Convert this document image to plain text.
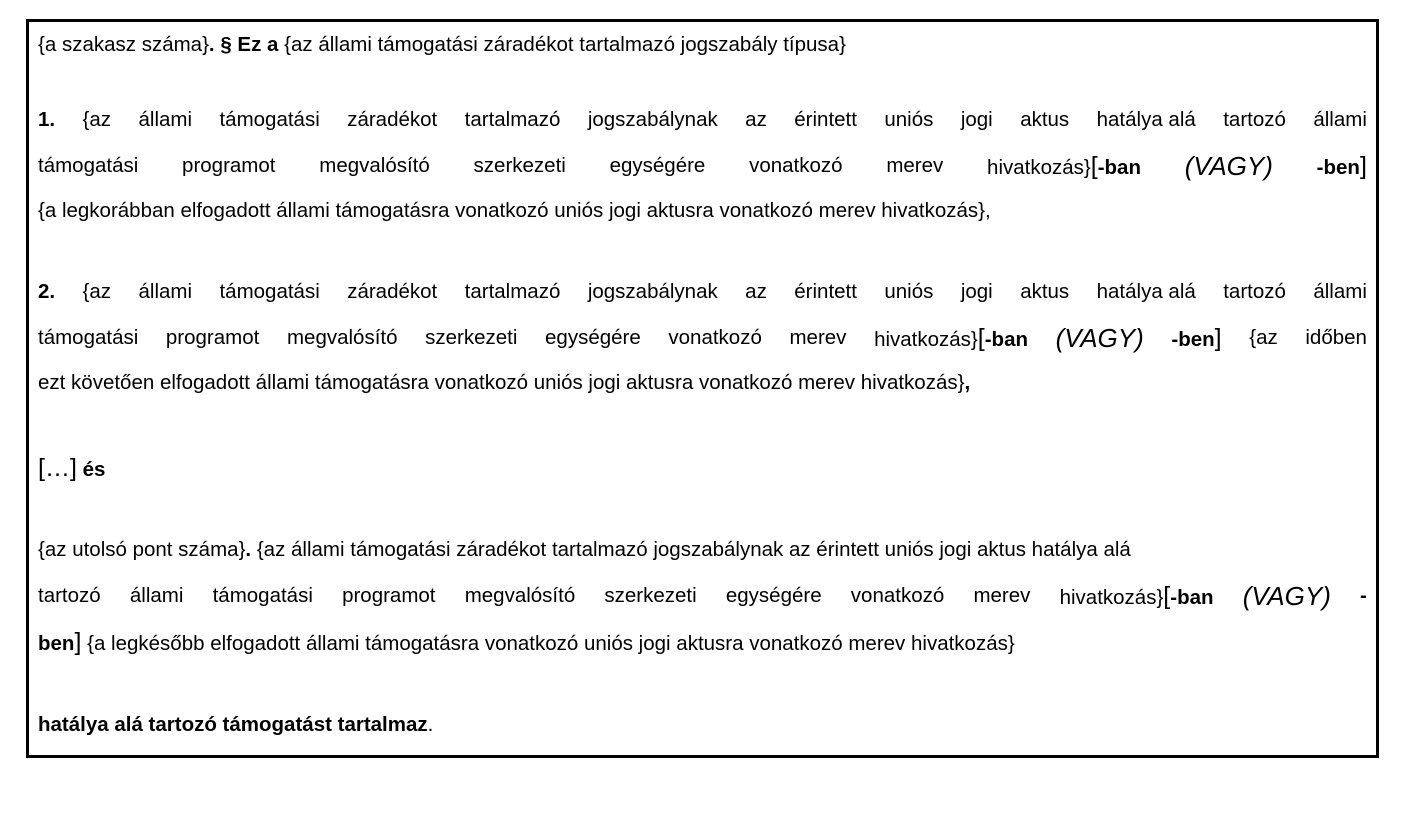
{a szakasz száma}. § Ez a {az állami támogatási záradékot tartalmazó jogszabály típusa}
1. {az állami támogatási záradékot tartalmazó jogszabálynak az érintett uniós jogi aktus hatálya alá tartozó állami
támogatási programot megvalósító szerkezeti egységére vonatkozó merev hivatkozás}[-ban (VAGY) -ben]
{a legkorábban elfogadott állami támogatásra vonatkozó uniós jogi aktusra vonatkozó merev hivatkozás},
2. {az állami támogatási záradékot tartalmazó jogszabálynak az érintett uniós jogi aktus hatálya alá tartozó állami
támogatási programot megvalósító szerkezeti egységére vonatkozó merev hivatkozás}[-ban (VAGY) -ben] {az időben
ezt követően elfogadott állami támogatásra vonatkozó uniós jogi aktusra vonatkozó merev hivatkozás},
[…] és
{az utolsó pont száma}. {az állami támogatási záradékot tartalmazó jogszabálynak az érintett uniós jogi aktus hatálya alá
tartozó állami támogatási programot megvalósító szerkezeti egységére vonatkozó merev hivatkozás}[-ban (VAGY) -
ben] {a legkésőbb elfogadott állami támogatásra vonatkozó uniós jogi aktusra vonatkozó merev hivatkozás}
hatálya alá tartozó támogatást tartalmaz.
